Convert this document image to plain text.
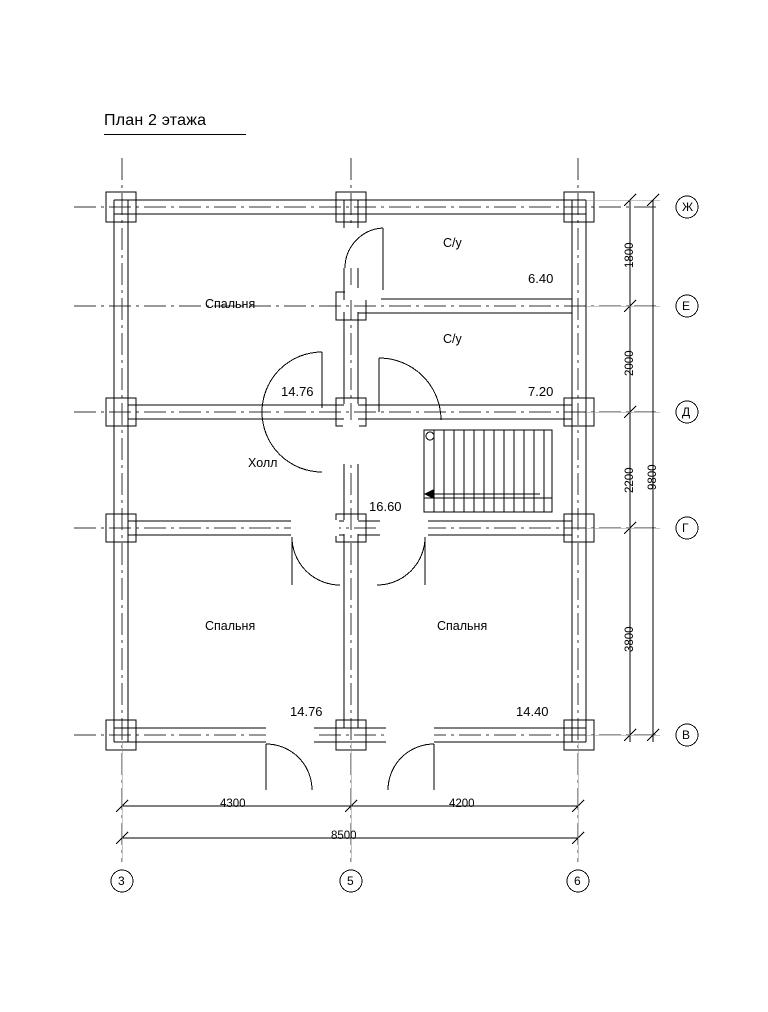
План 2 этажа
Спальня
С/у
С/у
Холл
Спальня	Спальня
14.76
6.40
7.20
16.60
14.76	14.40
1800
2000
2200
3800
9800
4300	4200
8500
Ж
Е
Д
Г
В
3	5	6
